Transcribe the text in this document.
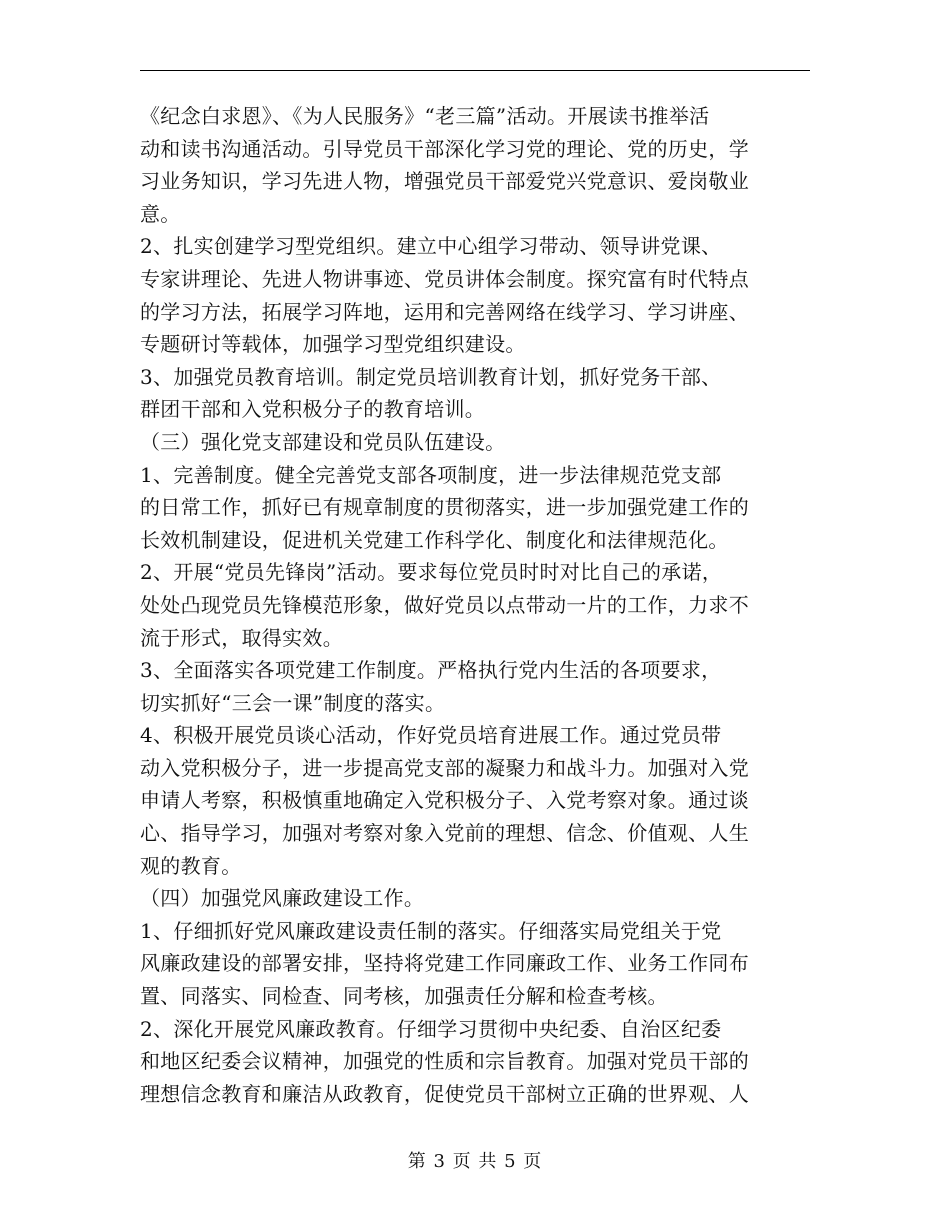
《纪念白求恩》、《为人民服务》“老三篇”活动。开展读书推举活
动和读书沟通活动。引导党员干部深化学习党的理论、党的历史，学
习业务知识，学习先进人物，增强党员干部爱党兴党意识、爱岗敬业
意。
2、扎实创建学习型党组织。建立中心组学习带动、领导讲党课、
专家讲理论、先进人物讲事迹、党员讲体会制度。探究富有时代特点
的学习方法，拓展学习阵地，运用和完善网络在线学习、学习讲座、
专题研讨等载体，加强学习型党组织建设。
3、加强党员教育培训。制定党员培训教育计划，抓好党务干部、
群团干部和入党积极分子的教育培训。
（三）强化党支部建设和党员队伍建设。
1、完善制度。健全完善党支部各项制度，进一步法律规范党支部
的日常工作，抓好已有规章制度的贯彻落实，进一步加强党建工作的
长效机制建设，促进机关党建工作科学化、制度化和法律规范化。
2、开展“党员先锋岗”活动。要求每位党员时时对比自己的承诺，
处处凸现党员先锋模范形象，做好党员以点带动一片的工作，力求不
流于形式，取得实效。
3、全面落实各项党建工作制度。严格执行党内生活的各项要求，
切实抓好“三会一课”制度的落实。
4、积极开展党员谈心活动，作好党员培育进展工作。通过党员带
动入党积极分子，进一步提高党支部的凝聚力和战斗力。加强对入党
申请人考察，积极慎重地确定入党积极分子、入党考察对象。通过谈
心、指导学习，加强对考察对象入党前的理想、信念、价值观、人生
观的教育。
（四）加强党风廉政建设工作。
1、仔细抓好党风廉政建设责任制的落实。仔细落实局党组关于党
风廉政建设的部署安排，坚持将党建工作同廉政工作、业务工作同布
置、同落实、同检查、同考核，加强责任分解和检查考核。
2、深化开展党风廉政教育。仔细学习贯彻中央纪委、自治区纪委
和地区纪委会议精神，加强党的性质和宗旨教育。加强对党员干部的
理想信念教育和廉洁从政教育，促使党员干部树立正确的世界观、人
第 3 页 共 5 页
